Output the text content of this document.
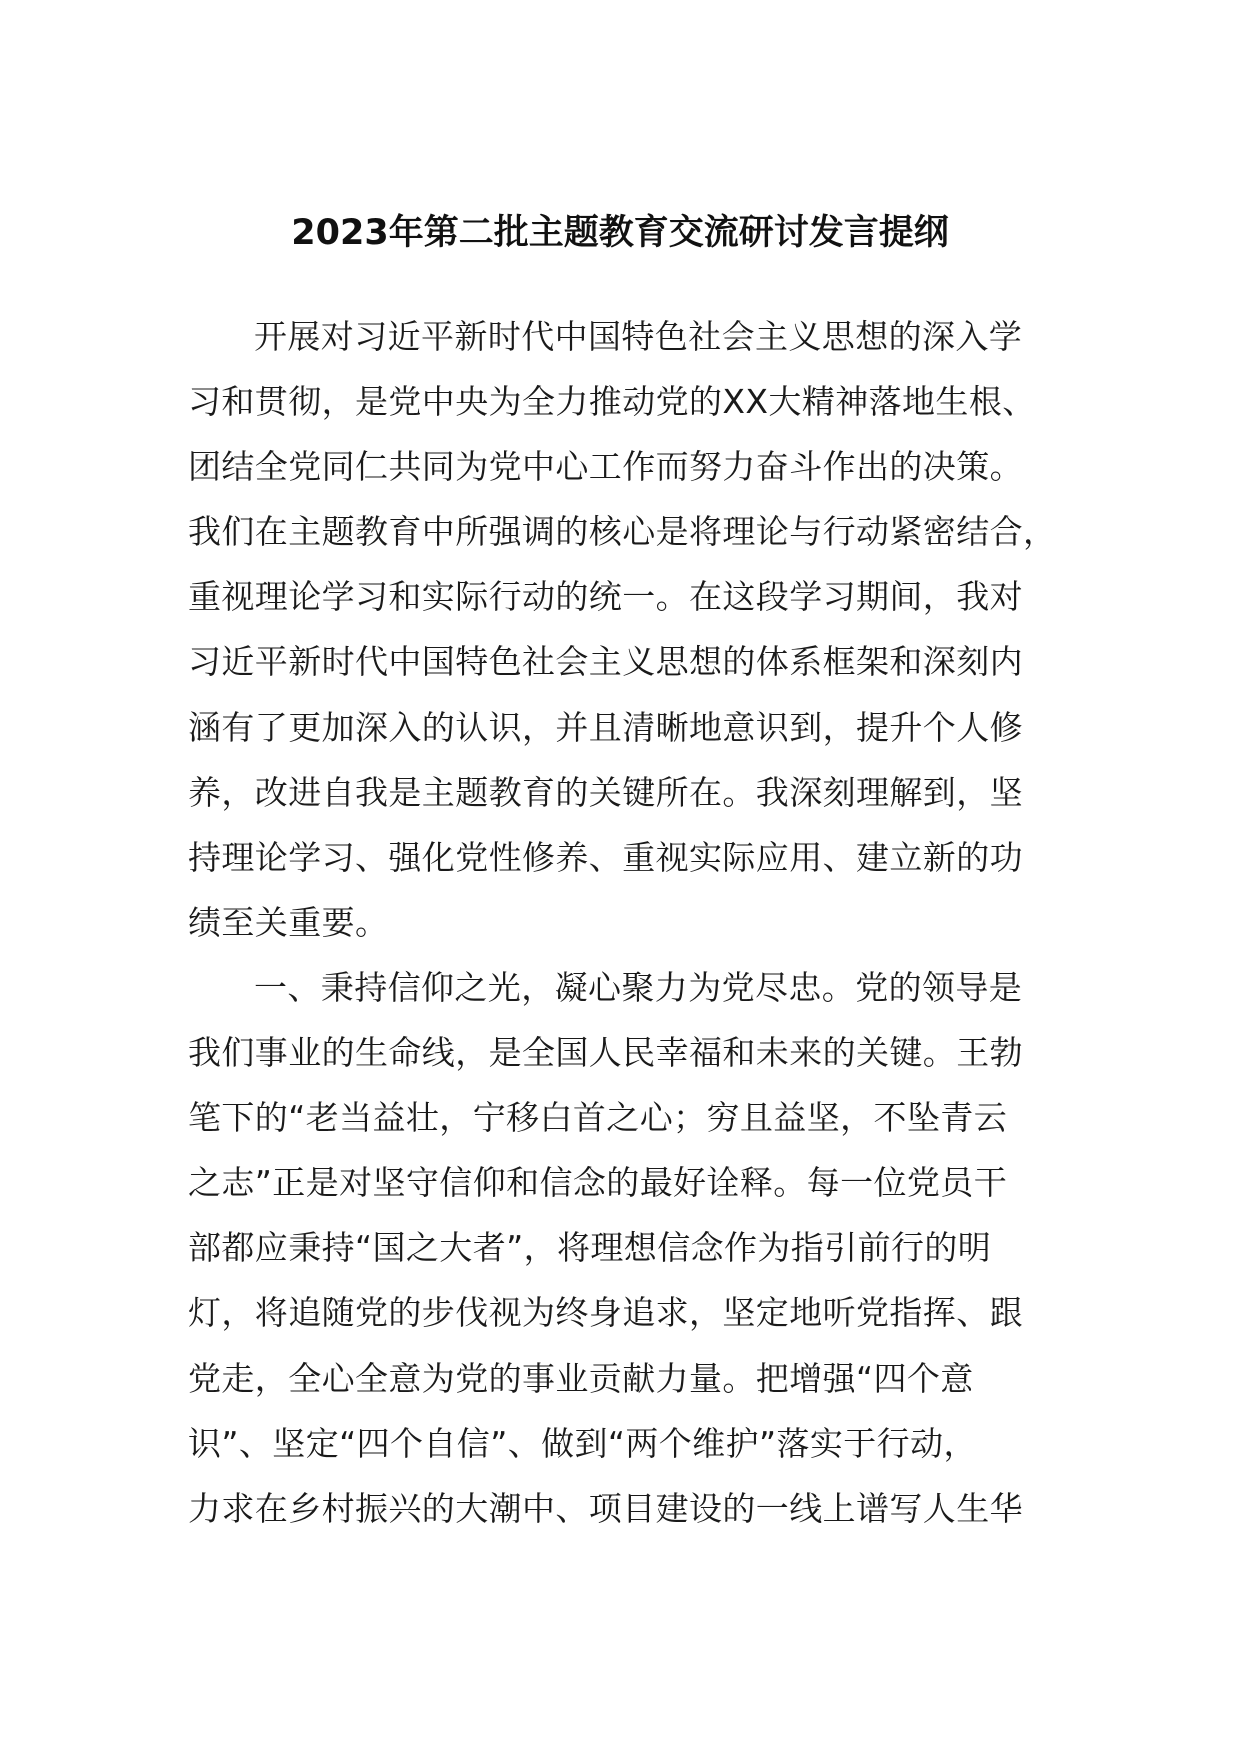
2023年第二批主题教育交流研讨发言提纲
开展对习近平新时代中国特色社会主义思想的深入学
习和贯彻，是党中央为全力推动党的XX大精神落地生根、
团结全党同仁共同为党中心工作而努力奋斗作出的决策。
我们在主题教育中所强调的核心是将理论与行动紧密结合，
重视理论学习和实际行动的统一。在这段学习期间，我对
习近平新时代中国特色社会主义思想的体系框架和深刻内
涵有了更加深入的认识，并且清晰地意识到，提升个人修
养，改进自我是主题教育的关键所在。我深刻理解到，坚
持理论学习、强化党性修养、重视实际应用、建立新的功
绩至关重要。
一、秉持信仰之光，凝心聚力为党尽忠。党的领导是
我们事业的生命线，是全国人民幸福和未来的关键。王勃
笔下的“老当益壮，宁移白首之心；穷且益坚，不坠青云
之志”正是对坚守信仰和信念的最好诠释。每一位党员干
部都应秉持“国之大者”，将理想信念作为指引前行的明
灯，将追随党的步伐视为终身追求，坚定地听党指挥、跟
党走，全心全意为党的事业贡献力量。把增强“四个意
识”、坚定“四个自信”、做到“两个维护”落实于行动，
力求在乡村振兴的大潮中、项目建设的一线上谱写人生华
